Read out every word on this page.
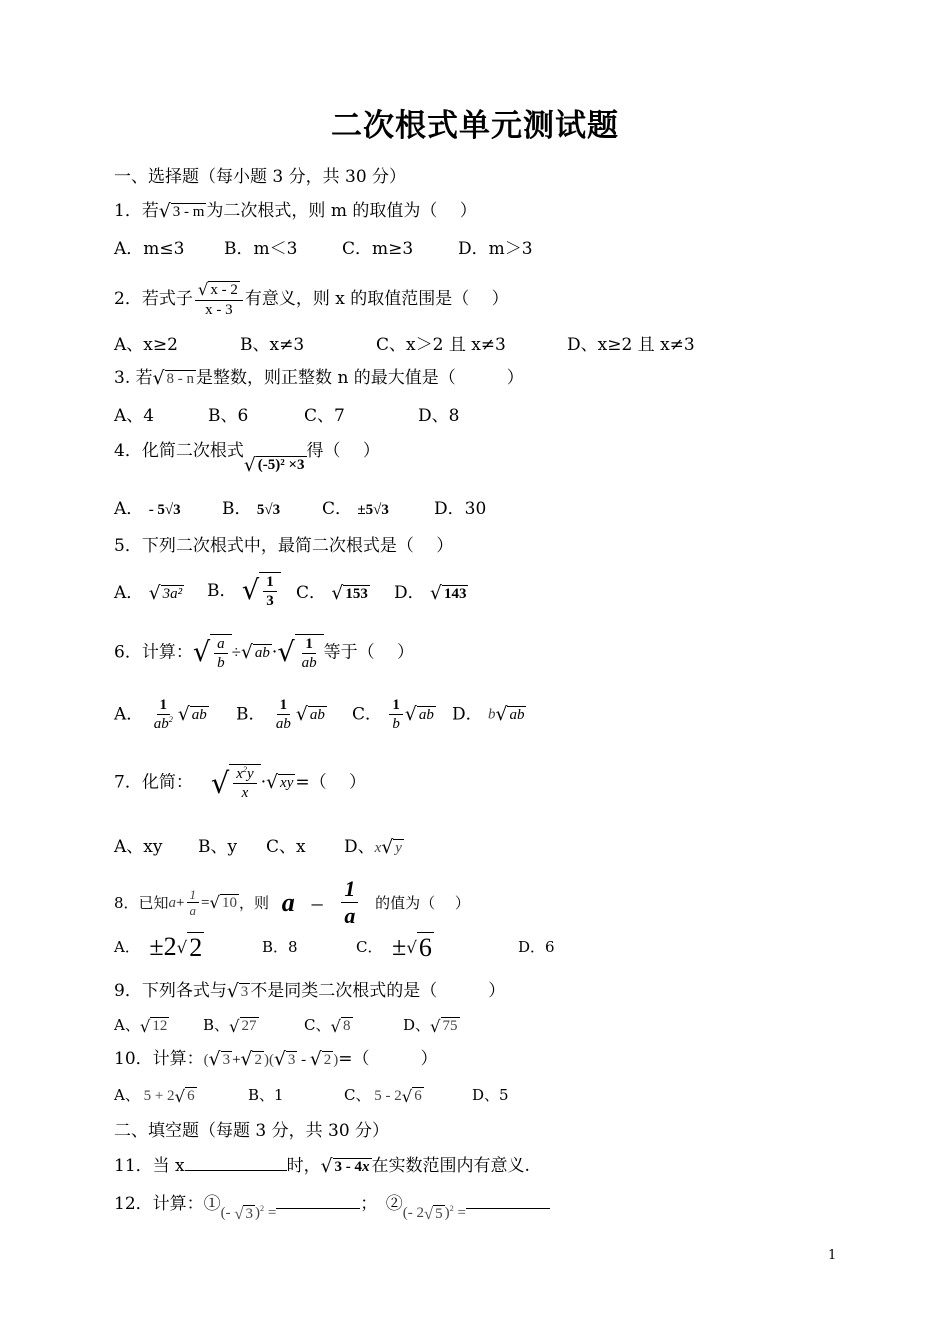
二次根式单元测试题
一、选择题（每小题 3 分，共 30 分）
1．若√ 3 - m 为二次根式，则 m 的取值为（　 ）
A．m≤3 B．m＜3	C．m≥3	D．m＞3
2．若式子 $\frac{√ x - 2}{x - 3}$ 有意义，则 x 的取值范围是（　 ）
A、x≥2	B、x≠3	C、x＞2 且 x≠3	D、x≥2 且 x≠3
3. 若√ 8 - n 是整数，则正整数 n 的最大值是（　　　）
A、4	B、6	C、7	D、8
4．化简二次根式√ (-5)² ×3得（　 ）
A． - 5√3 B． 5√3 C． ±5√3	D．30
5．下列二次根式中，最简二次根式是（　 ）
A． √ 3a² B． √ $\frac{1}{3}$ C． √ 153 D． √ 143
6．计算：√ $\frac{a}{b}$ ÷√ ab ·√ $\frac{1}{ab}$ 等于（　 ）
A． $\frac{1}{ab^2}$ √ ab B． $\frac{1}{ab}$ √ ab C． $\frac{1}{b}$ √ ab D． b√ ab
7．化简： √ $\frac{x^2y}{x}$ ·√ xy =（　 ）
A、xy B、y C、x D、x√ y
8．已知$a+ \frac{1}{a}$ =√ 10 ，则 a – $\frac{1}{a}$ 的值为（　 ）
A． ±2√2	B．8	C． ±√6	D．6
9．下列各式与√ 3 不是同类二次根式的是（　　　）
A、√ 12 B、√ 27	C、√ 8	D、√ 75
10．计算：(√ 3 +√ 2 )(√ 3 - √ 2 )=（　　　）
A、 5 + 2√ 6	B、1	C、 5 - 2√ 6	D、5
二、填空题（每题 3 分，共 30 分）
11．当 x	时，√ 3 - 4x 在实数范围内有意义.
12．计算：①(- √ 3 )$^2$ =	；　②(- 2√ 5 )$^2$ =
1
